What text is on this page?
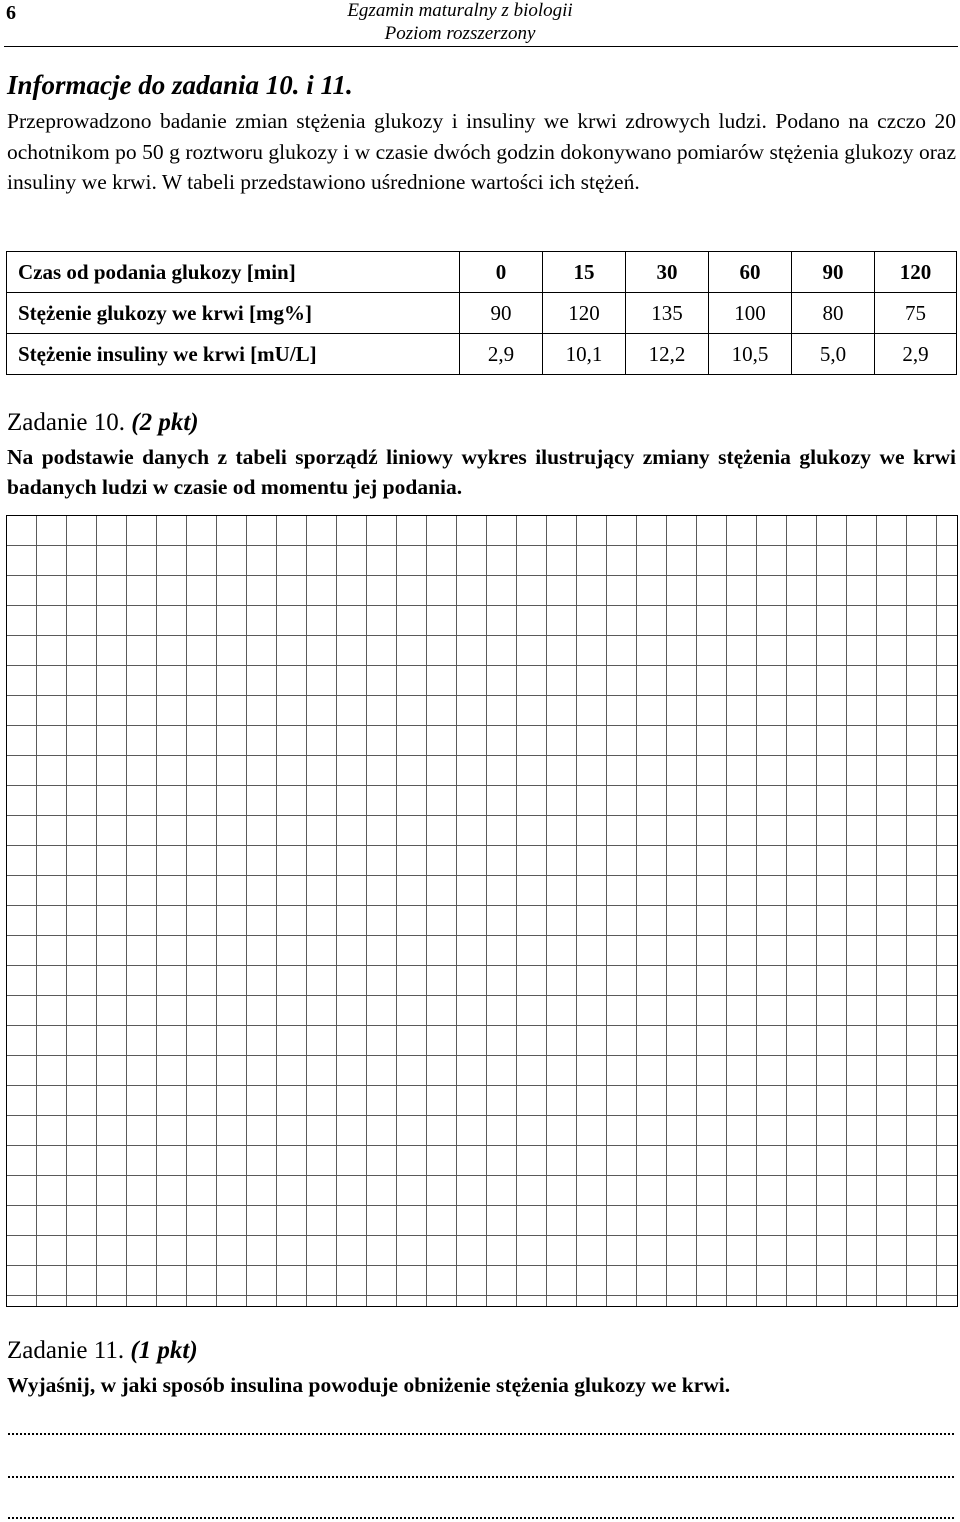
6	Egzamin maturalny z biologii
Poziom rozszerzony
Informacje do zadania 10. i 11.
Przeprowadzono badanie zmian stężenia glukozy i insuliny we krwi zdrowych ludzi. Podano na czczo 20 ochotnikom po 50 g roztworu glukozy i w czasie dwóch godzin dokonywano pomiarów stężenia glukozy oraz insuliny we krwi. W tabeli przedstawiono uśrednione wartości ich stężeń.
Czas od podania glukozy [min]	0	15	30	60	90	120
Stężenie glukozy we krwi [mg%]	90	120	135	100	80	75
Stężenie insuliny we krwi [mU/L]	2,9	10,1	12,2	10,5	5,0	2,9
Zadanie 10. (2 pkt)
Na podstawie danych z tabeli sporządź liniowy wykres ilustrujący zmiany stężenia glukozy we krwi badanych ludzi w czasie od momentu jej podania.
Zadanie 11. (1 pkt)
Wyjaśnij, w jaki sposób insulina powoduje obniżenie stężenia glukozy we krwi.
